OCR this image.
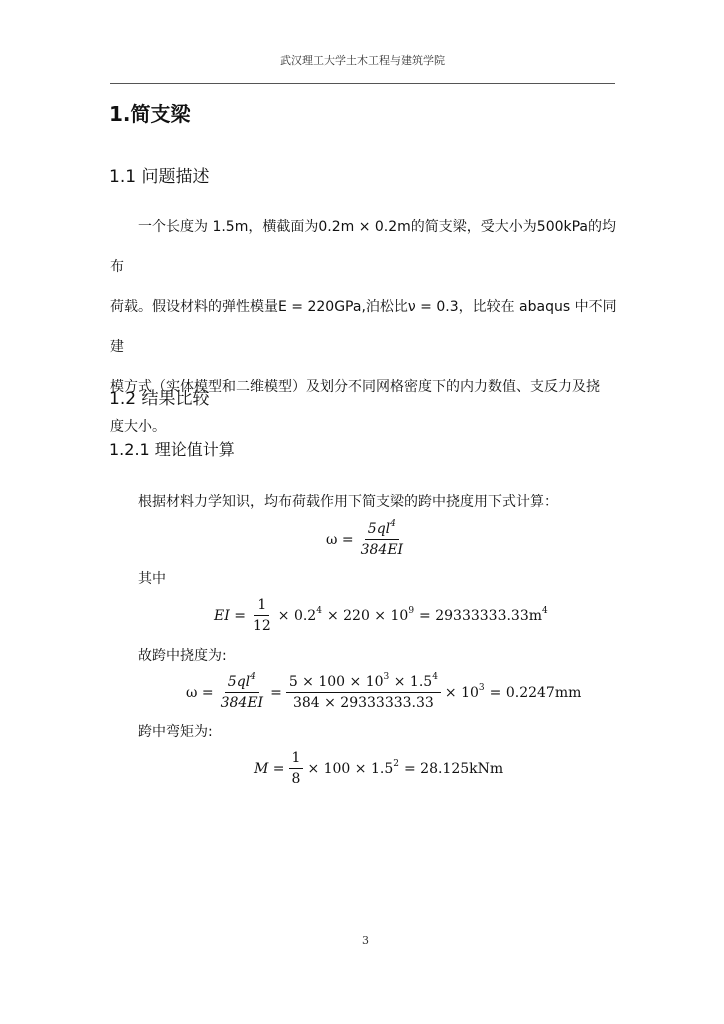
武汉理工大学土木工程与建筑学院
1.简支梁
1.1 问题描述

一个长度为 1.5m，横截面为0.2m × 0.2m的简支梁，受大小为500kPa的均布

荷载。假设材料的弹性模量E = 220GPa,泊松比ν = 0.3，比较在 abaqus 中不同建

模方式（实体模型和二维模型）及划分不同网格密度下的内力数值、支反力及挠

度大小。

1.2 结果比较
1.2.1 理论值计算
根据材料力学知识，均布荷载作用下简支梁的跨中挠度用下式计算：
$\omega = \frac{5ql^4}{384EI}$
其中
EI = $\frac{1}{12} \times 0.2^4 \times 220 \times 10^9 = 29333333.33m^4$
故跨中挠度为:
$\omega = \frac{5ql^4}{384EI} = \frac{5 \times 100 \times 10^3 \times 1.5^4}{384 \times 29333333.33} \times 10^3 = 0.2247mm$
跨中弯矩为:
$M = \frac{1}{8} \times 100 \times 1.5^2 = 28.125kNm$
3
